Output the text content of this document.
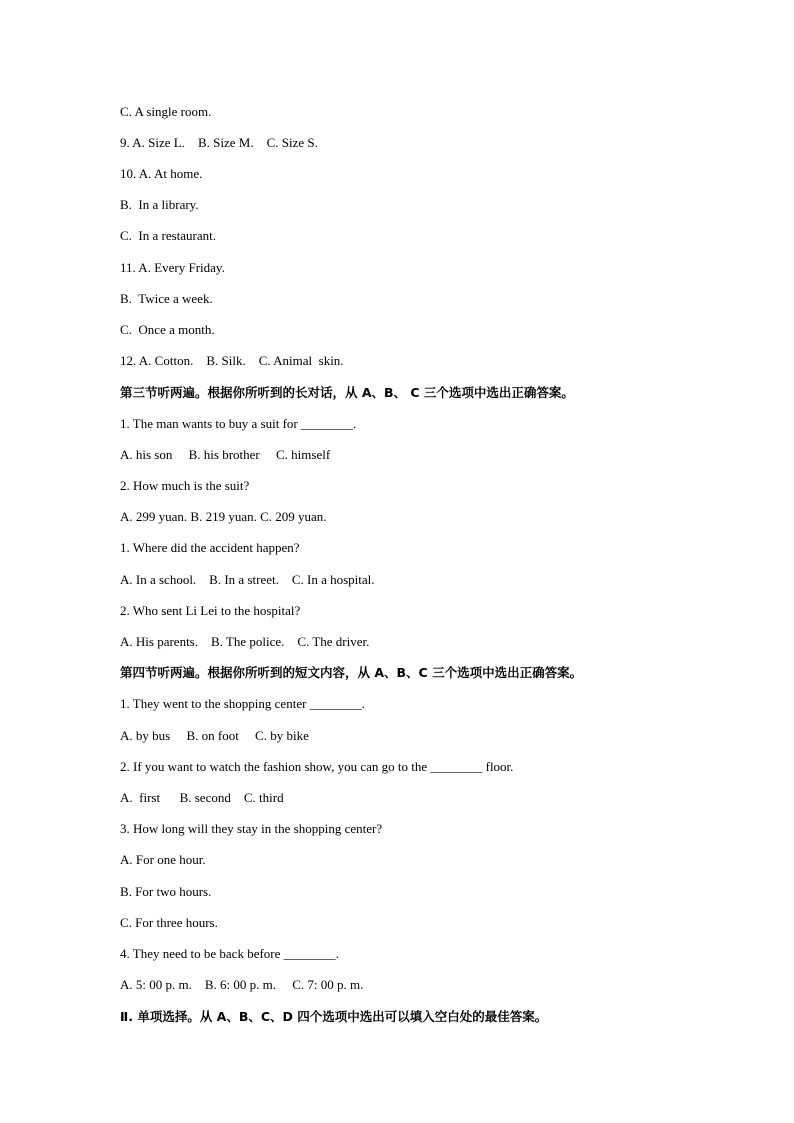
C. A single room.
9. A. Size L.    B. Size M.    C. Size S.
10. A. At home.
B.  In a library.
C.  In a restaurant.
11. A. Every Friday.
B.  Twice a week.
C.  Once a month.
12. A. Cotton.    B. Silk.    C. Animal  skin.
第三节听两遍。根据你所听到的长对话，从 A、B、 C 三个选项中选出正确答案。
1. The man wants to buy a suit for ________.
A. his son     B. his brother     C. himself
2. How much is the suit?
A. 299 yuan. B. 219 yuan. C. 209 yuan.
1. Where did the accident happen?
A. In a school.    B. In a street.    C. In a hospital.
2. Who sent Li Lei to the hospital?
A. His parents.    B. The police.    C. The driver.
第四节听两遍。根据你所听到的短文内容，从 A、B、C 三个选项中选出正确答案。
1. They went to the shopping center ________.
A. by bus     B. on foot     C. by bike
2. If you want to watch the fashion show, you can go to the ________ floor.
A.  first      B. second    C. third
3. How long will they stay in the shopping center?
A. For one hour.
B. For two hours.
C. For three hours.
4. They need to be back before ________.
A. 5: 00 p. m.    B. 6: 00 p. m.     C. 7: 00 p. m.
Ⅱ. 单项选择。从 A、B、C、D 四个选项中选出可以填入空白处的最佳答案。
